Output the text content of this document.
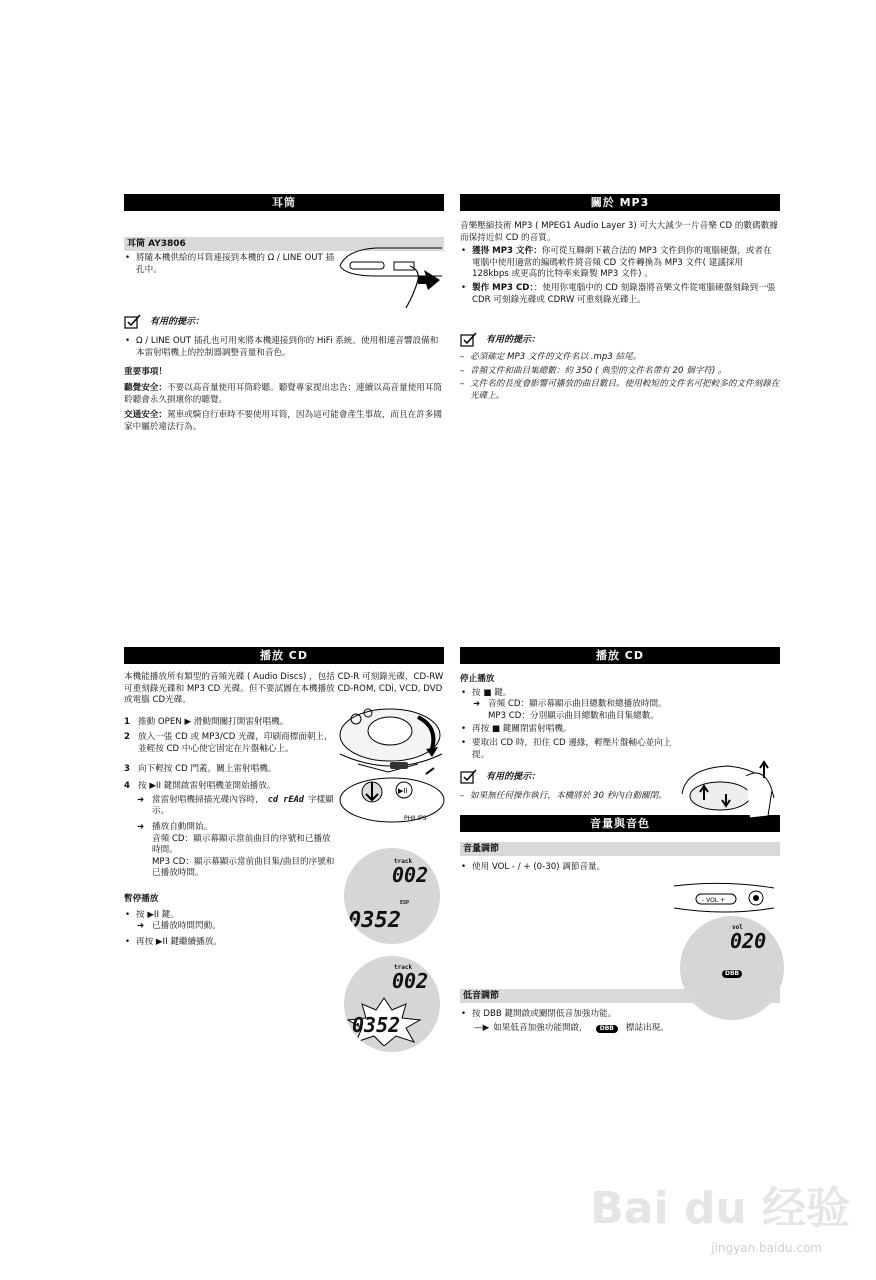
耳筒
耳筒 AY3806
• 將隨本機供給的耳筒連接到本機的 Ω / LINE OUT 插孔中。
有用的提示：
• Ω / LINE OUT 插孔也可用來將本機連接到你的 HiFi 系統。使用相連音響設備和本雷射唱機上的控制器調整音量和音色。

重要事項！

聽覺安全：不要以高音量使用耳筒聆聽。聽覺專家提出忠告：連續以高音量使用耳筒聆聽會永久損壞你的聽覺。

交通安全：駕車或騎自行車時不要使用耳筒，因為這可能會產生事故，而且在許多國家中屬於違法行為。

關於 MP3

音樂壓縮技術 MP3 ( MPEG1 Audio Layer 3) 可大大減少一片音樂 CD 的數碼數據而保持近似 CD 的音質。

• 獲得 MP3 文件：你可從互聯網下載合法的 MP3 文件到你的電腦硬盤，或者在電腦中使用適當的編碼軟件將音頻 CD 文件轉換為 MP3 文件( 建議採用 128kbps 或更高的比特率來錄製 MP3 文件) 。
• 製作 MP3 CD：：使用你電腦中的 CD 刻錄器將音樂文件從電腦硬盤刻錄到一張 CDR 可刻錄光碟或 CDRW 可重刻錄光碟上。
有用的提示：
– 必須確定 MP3 文件的文件名以 .mp3 結尾。
– 音頻文件和曲目集總數：約 350 ( 典型的文件名帶有 20 個字符) 。
– 文件名的長度會影響可播放的曲目數目。使用較短的文件名可把較多的文件刻錄在光碟上。
播放 CD

本機能播放所有類型的音頻光碟 ( Audio Discs) ，包括 CD-R 可刻錄光碟，CD-RW 可重刻錄光碟和 MP3 CD 光碟。但不要試圖在本機播放 CD-ROM, CDi, VCD, DVD 或電腦 CD光碟。

1 推動 OPEN ▶ 滑動開關打開雷射唱機。
2 放入一張 CD 或 MP3/CD 光碟，印刷商標面朝上，並輕按 CD 中心使它固定在片盤軸心上。
3 向下輕按 CD 門蓋，關上雷射唱機。
4 按 ▶II 鍵開啟雷射唱機並開始播放。
➜ 當雷射唱機掃描光碟內容時， cd rEAd 字樣顯示。
➜ 播放自動開始。

音頻 CD：顯示幕顯示當前曲目的序號和已播放時間。

MP3 CD：顯示幕顯示當前曲目集/曲目的序號和已播放時間。

暫停播放

• 按 ▶II 鍵。
➜ 已播放時間閃動。
• 再按 ▶II 鍵繼續播放。
▶II
PHILIPS
track
002
ESP
0352
track
002
0352
播放 CD

停止播放

• 按 ■ 鍵。
➜ 音頻 CD：顯示幕顯示曲目總數和總播放時間。

MP3 CD：分別顯示曲目總數和曲目集總數。

• 再按 ■ 鍵關閉雷射唱機。
• 要取出 CD 時，扣住 CD 邊緣，輕壓片盤軸心並向上提。
有用的提示：
– 如果無任何操作執行，本機將於 30 秒內自動關閉。
音量與音色
音量調節
• 使用 VOL - / + (0-30) 調節音量。
低音調節
• 按 DBB 鍵開啟或關閉低音加強功能。

—▶ 如果低音加強功能開啟，	DBB	標誌出現。

- VOL +
vol
020
DBB
Bai du 经验
jingyan.baidu.com
